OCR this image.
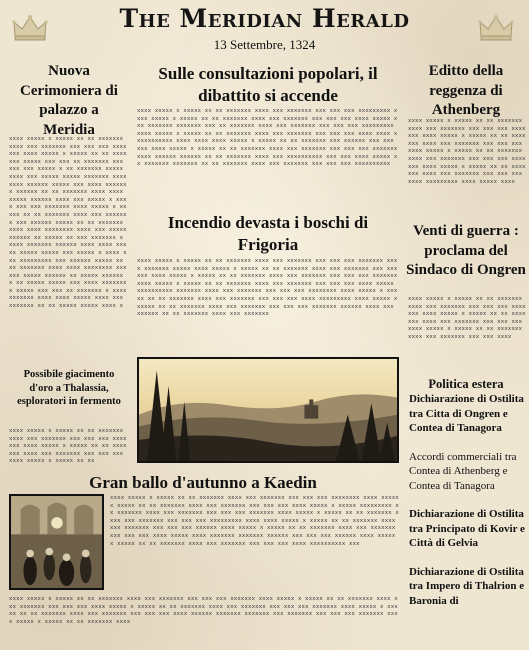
The Meridian Herald
13 Settembre, 1324
Nuova Cerimoniera di palazzo a Meridia
xxxx xxxxx x xxxxx xx xx xxxxxxx xxxx xxx xxxxxxx xxx xxx xxx xxxxxxx xxxx xxxxx x xxxxx xx xx xxxxxxx xxxxx xxx xxx xx xxxxxxx xxx xxx xxx xxxxx x xx xxxxxxx xxxxx xxxx xxx xxxxx xxxxx xxxxxxx xxxx xxxx xxxxxx xxxxx xxx xxxx xxxxxx x xxxxxx xx xx xxxxxxx xxxx xxxx xxxxx xxxxxx xxxx xxx xxxxx x xxxx xxx xxx xxxxxxx xxxx xxxxx x xxxxx xx xx xxxxxxx xxxx xxx xxxxxxx xxx xxxxxx xxxxx xx xx xxxxxxx xxxx xxxx xxxxxxxx xxxx xxx xxxxx xxxxxx xx xxxxx xx xxx xxxxxxx x xxxx xxxxxxx xxxxxx xxxx xxxx xxxxx xxxxx xxxxx xxx xxxxx x xxxx xxx xxxxxxxxx xxx xxxxxx xxxxx xx xx xxxxxxx xxxx xxxx xxxxxxxx xxx xxx xxxxx xxxxxx xx xxxxx xxxxxx x xx xxxxx xxxxx xxx xxxx xxxxxxxx xxxxx xxx xxx xx xxxxxxx x xxxx xxxxxxx xxxx xxxx xxxxx xxxx xxx xxxxxxx xx xx xxxxx xxxxx xxxx x
Possibile giacimento d'oro a Thalassia, esploratori in fermento
xxxx xxxxx x xxxxx xx xx xxxxxxx xxxx xxx xxxxxxx xxx xxx xxx xxxxxxx xxxx xxxxx x xxxxx xx xx xxxxxxx xxxx xxx xxxxxxx xxx xxx xxx xxxx xxxxx x xxxxx xx xx
Sulle consultazioni popolari, il dibattito si accende
xxxx xxxxx x xxxxx xx xx xxxxxxx xxxx xxx xxxxxxx xxx xxx xxx xxxxxxxxx xxxx xxxxx x xxxxx xx xx xxxxxxx xxxx xxx xxxxxxx xxx xxx xxx xxxx xxxxx xxx xxxxxxx xxxxxxx xxx xx xxxxxxx xxxx xxx xxxxxxx xxx xxx xxx xxxxxxxxx xxxx xxxxx x xxxxx xx xx xxxxxxx xxxx xxx xxxxxxx xxx xxx xxx xxxx xxxx xxxxxxxxxxx xxxx xxxx xxxx xxxxx x xxxxx xx xx xxxxxxx xxx xxxxxx xxx xxx xxx xxxx xxxxx x xxxxx xx xx xxxxxxx xxxx xxx xxxxxxx xxx xxx xxx xxxxxxx xxxx xxxxxx xxxxxx xx xx xxxxxxx xxxx xxx xxxxxxxxxx xxx xxx xxxx xxxxx xx xxxxxxx xxxxxxx xx xx xxxxxxx xxxx xxx xxxxxxx xxx xxx xxx xxxxxxxxxx
Incendio devasta i boschi di Frigoria
xxxx xxxxx x xxxxx xx xx xxxxxxx xxxx xxx xxxxxxx xxx xxx xxx xxxxxxx xxxx xxxxxxx xxxxx xxxx xxxxx x xxxxx xx xx xxxxxxx xxxx xxx xxxxxxx xxx xxx xxx xxxx xxxxx x xxxxx xx xx xxxxxxx xxxx xxx xxxxxxx xxx xxx xxx xxxxxxx xxxx xxxxx x xxxxx xx xx xxxxxxx xxxx xxx xxxxxxx xxx xxx xxx xxxx xxxxx xxxxxxxxxx xxxxxxx xxxx xxx xxxxxxx xxx xxx xxx xxxxxxxx xxxx xxxxx x xxxxx xx xx xxxxxxx xxxx xxx xxxxxxx xxx xxx xxx xxxx xxxxxxxxx xxxx xxxxx x xxxxx xx xx xxxxxxx xxxx xxx xxxxxxx xxx xxx xxx xxxxxxx xxxxxx xxxx xxx xxxxxx xx xx xxxxxxx xxxx xxx xxxxxxx
Gran ballo d'autunno a Kaedin
xxxx xxxxx x xxxxx xx xx xxxxxxx xxxx xxx xxxxxxx xxx xxx xxx xxxxxxxx xxxx xxxxx x xxxxx xx xx xxxxxxx xxxx xxx xxxxxxx xxx xxx xxx xxxx xxxxx x xxxxx xxxxxxxxx xx xxxxxxx xxxx xxx xxxxxxx xxx xxx xxx xxxxxxx xxxx xxxxx x xxxxx xx xx xxxxxxx xxxx xxx xxxxxxx xxx xxx xxx xxxxxxxxx xxxx xxxx xxxxx x xxxxx xx xx xxxxxxx xxxx xxx xxxxxxx xxx xxx xxx xxxxxx xxxx xxxxx x xxxxx xx xx xxxxxxx xxxx xxx xxxxxxx xxx xxx xxx xxxx xxxxx xxxx xxxxxxx xxxxxxx xxxxxx xxx xxx xxx xxxxxx xxxx xxxxx x xxxxx xx xx xxxxxxx xxxx xxx xxxxxxx xxx xxx xxx xxxx xxxxxxxxxx xxx
xxxx xxxxx x xxxxx xx xx xxxxxxx xxxx xxx xxxxxxx xxx xxx xxx xxxxxxx xxxx xxxxx x xxxxx xx xx xxxxxxx xxxx xxx xxxxxxx xxx xxx xxx xxxx xxxxx x xxxxx xx xx xxxxxxx xxxx xxx xxxxxxx xxx xxx xxx xxxxxxx xxxx xxxxx x xxxxx xx xx xxxxxxx xxxx xxx xxxxxxx xxx xxx xxx xxxx xxxxxx xxxxxxx xxxxxxx xxx xxxxxxx xxx xxx xxx xxxxxxx xxxx xxxxx x xxxxx xx xx xxxxxxx xxxx
Editto della reggenza di Athenberg
xxxx xxxxx x xxxxx xx xx xxxxxxx xxxx xxx xxxxxxx xxx xxx xxx xxxxxxx xxxx xxxxx x xxxxx xx xx xxxxxxx xxxx xxx xxxxxxx xxx xxx xxx xxxx xxxxx x xxxxx xx xx xxxxxxx xxxx xxx xxxxxxx xxx xxx xxx xxxxxxx xxxx xxxxx x xxxxx xx xx xxxxxxx xxxx xxx xxxxxxx xxx xxx xxx xxxx xxxxxxxxx xxxx xxxxx xxxx
Venti di guerra : proclama del Sindaco di Ongren
xxxx xxxxx x xxxxx xx xx xxxxxxx xxxx xxx xxxxxxx xxx xxx xxx xxxxxxx xxxx xxxxx x xxxxx xx xx xxxxxxx xxxx xxx xxxxxxx xxx xxx xxx xxxx xxxxx x xxxxx xx xx xxxxxxx xxxx xxx xxxxxxx xxx xxx xxxx
Politica estera
Dichiarazione di Ostilita tra Citta di Ongren e Contea di Tanagora
Accordi commerciali tra Contea di Athenberg e Contea di Tanagora
Dichiarazione di Ostilita tra Principato di Kovir e Città di Gelvia
Dichiarazione di Ostilita tra Impero di Thalrion e Baronia di
